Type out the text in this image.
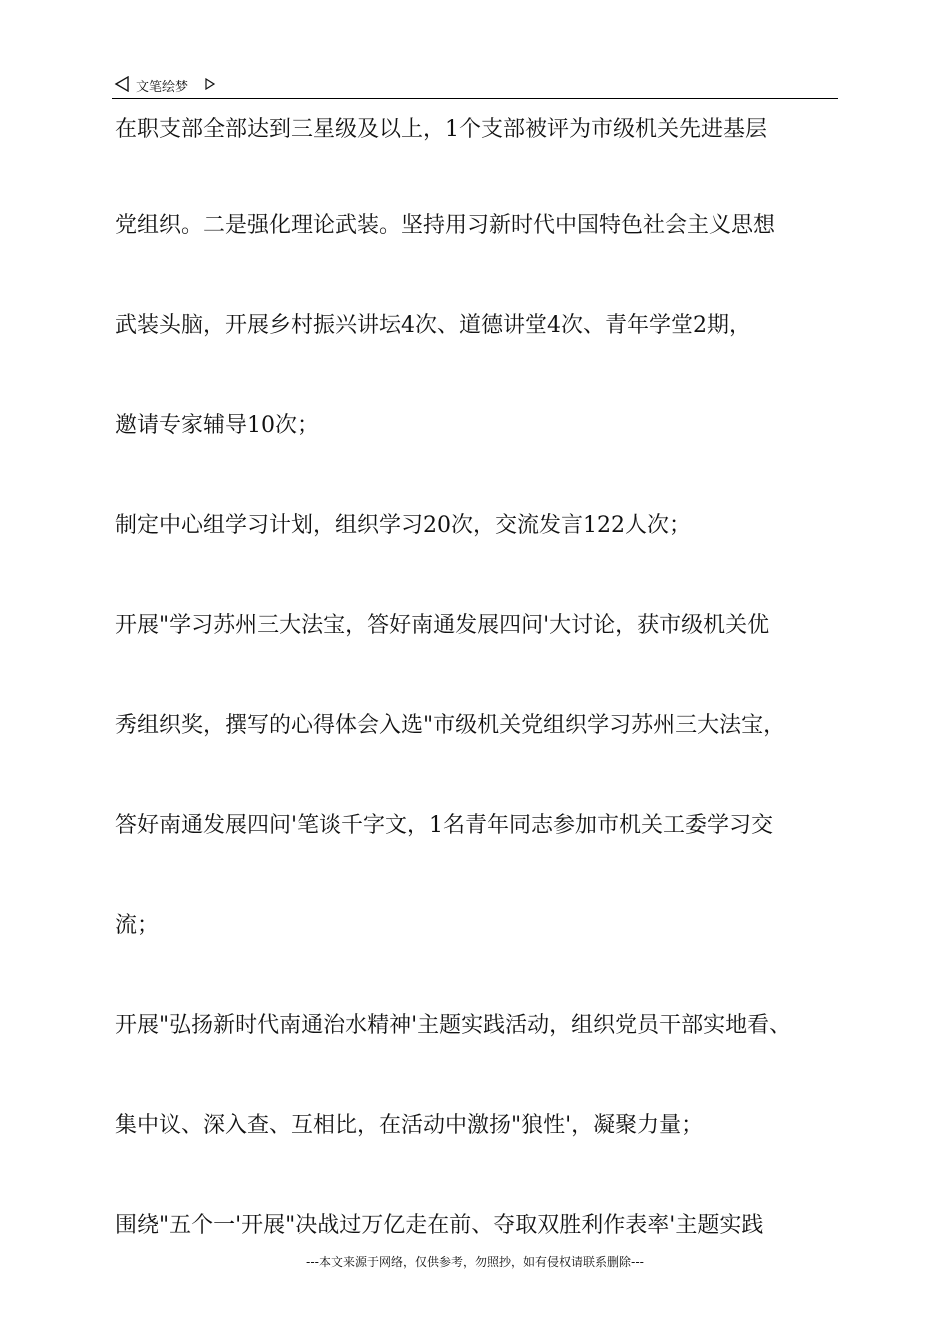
文笔绘梦
在职支部全部达到三星级及以上，1个支部被评为市级机关先进基层
党组织。二是强化理论武装。坚持用习新时代中国特色社会主义思想
武装头脑，开展乡村振兴讲坛4次、道德讲堂4次、青年学堂2期，
邀请专家辅导10次；
制定中心组学习计划，组织学习20次，交流发言122人次；
开展"学习苏州三大法宝，答好南通发展四问'大讨论，获市级机关优
秀组织奖，撰写的心得体会入选"市级机关党组织学习苏州三大法宝，
答好南通发展四问'笔谈千字文，1名青年同志参加市机关工委学习交
流；
开展"弘扬新时代南通治水精神'主题实践活动，组织党员干部实地看、
集中议、深入查、互相比，在活动中激扬"狼性'，凝聚力量；
围绕"五个一'开展"决战过万亿走在前、夺取双胜利作表率'主题实践
---本文来源于网络，仅供参考，勿照抄，如有侵权请联系删除---
